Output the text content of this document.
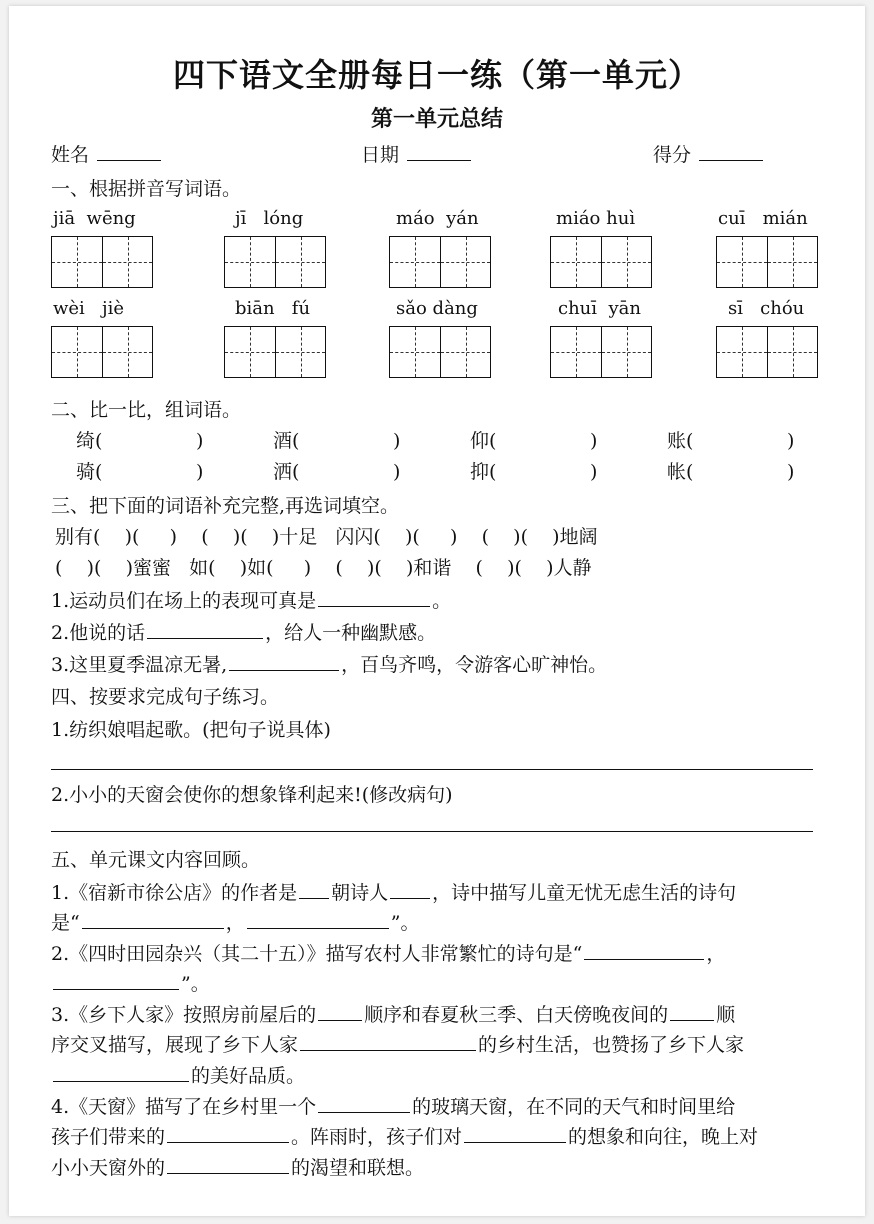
四下语文全册每日一练（第一单元）
第一单元总结
姓名	日期	得分
一、根据拼音写词语。
jiā wēng	jī lóng	máo yán	miáo huì	cuī mián
wèi jiè	biān fú	sǎo dàng	chuī yān	sī chóu
二、比一比，组词语。
绮(	)	酒(	)	仰(	)	账(	)
骑(	)	洒(	)	抑(	)	帐(	)
三、把下面的词语补充完整,再选词填空。
别有( )( ) ( )( )十足 闪闪( )( ) ( )( )地阔
( )( )蜜蜜 如( )如( ) ( )( )和谐 ( )( )人静
1.运动员们在场上的表现可真是	。
2.他说的话	，给人一种幽默感。
3.这里夏季温凉无暑,	，百鸟齐鸣，令游客心旷神怡。
四、按要求完成句子练习。
1.纺织娘唱起歌。(把句子说具体)
2.小小的天窗会使你的想象锋利起来!(修改病句)
五、单元课文内容回顾。
1.《宿新市徐公店》的作者是 朝诗人 ，诗中描写儿童无忧无虑生活的诗句
是“	，	”。
2.《四时田园杂兴（其二十五）》描写农村人非常繁忙的诗句是“	，
”。
3.《乡下人家》按照房前屋后的	顺序和春夏秋三季、白天傍晚夜间的	顺
序交叉描写，展现了乡下人家	的乡村生活，也赞扬了乡下人家
的美好品质。
4.《天窗》描写了在乡村里一个	的玻璃天窗，在不同的天气和时间里给
孩子们带来的	。阵雨时，孩子们对	的想象和向往，晚上对
小小天窗外的	的渴望和联想。
